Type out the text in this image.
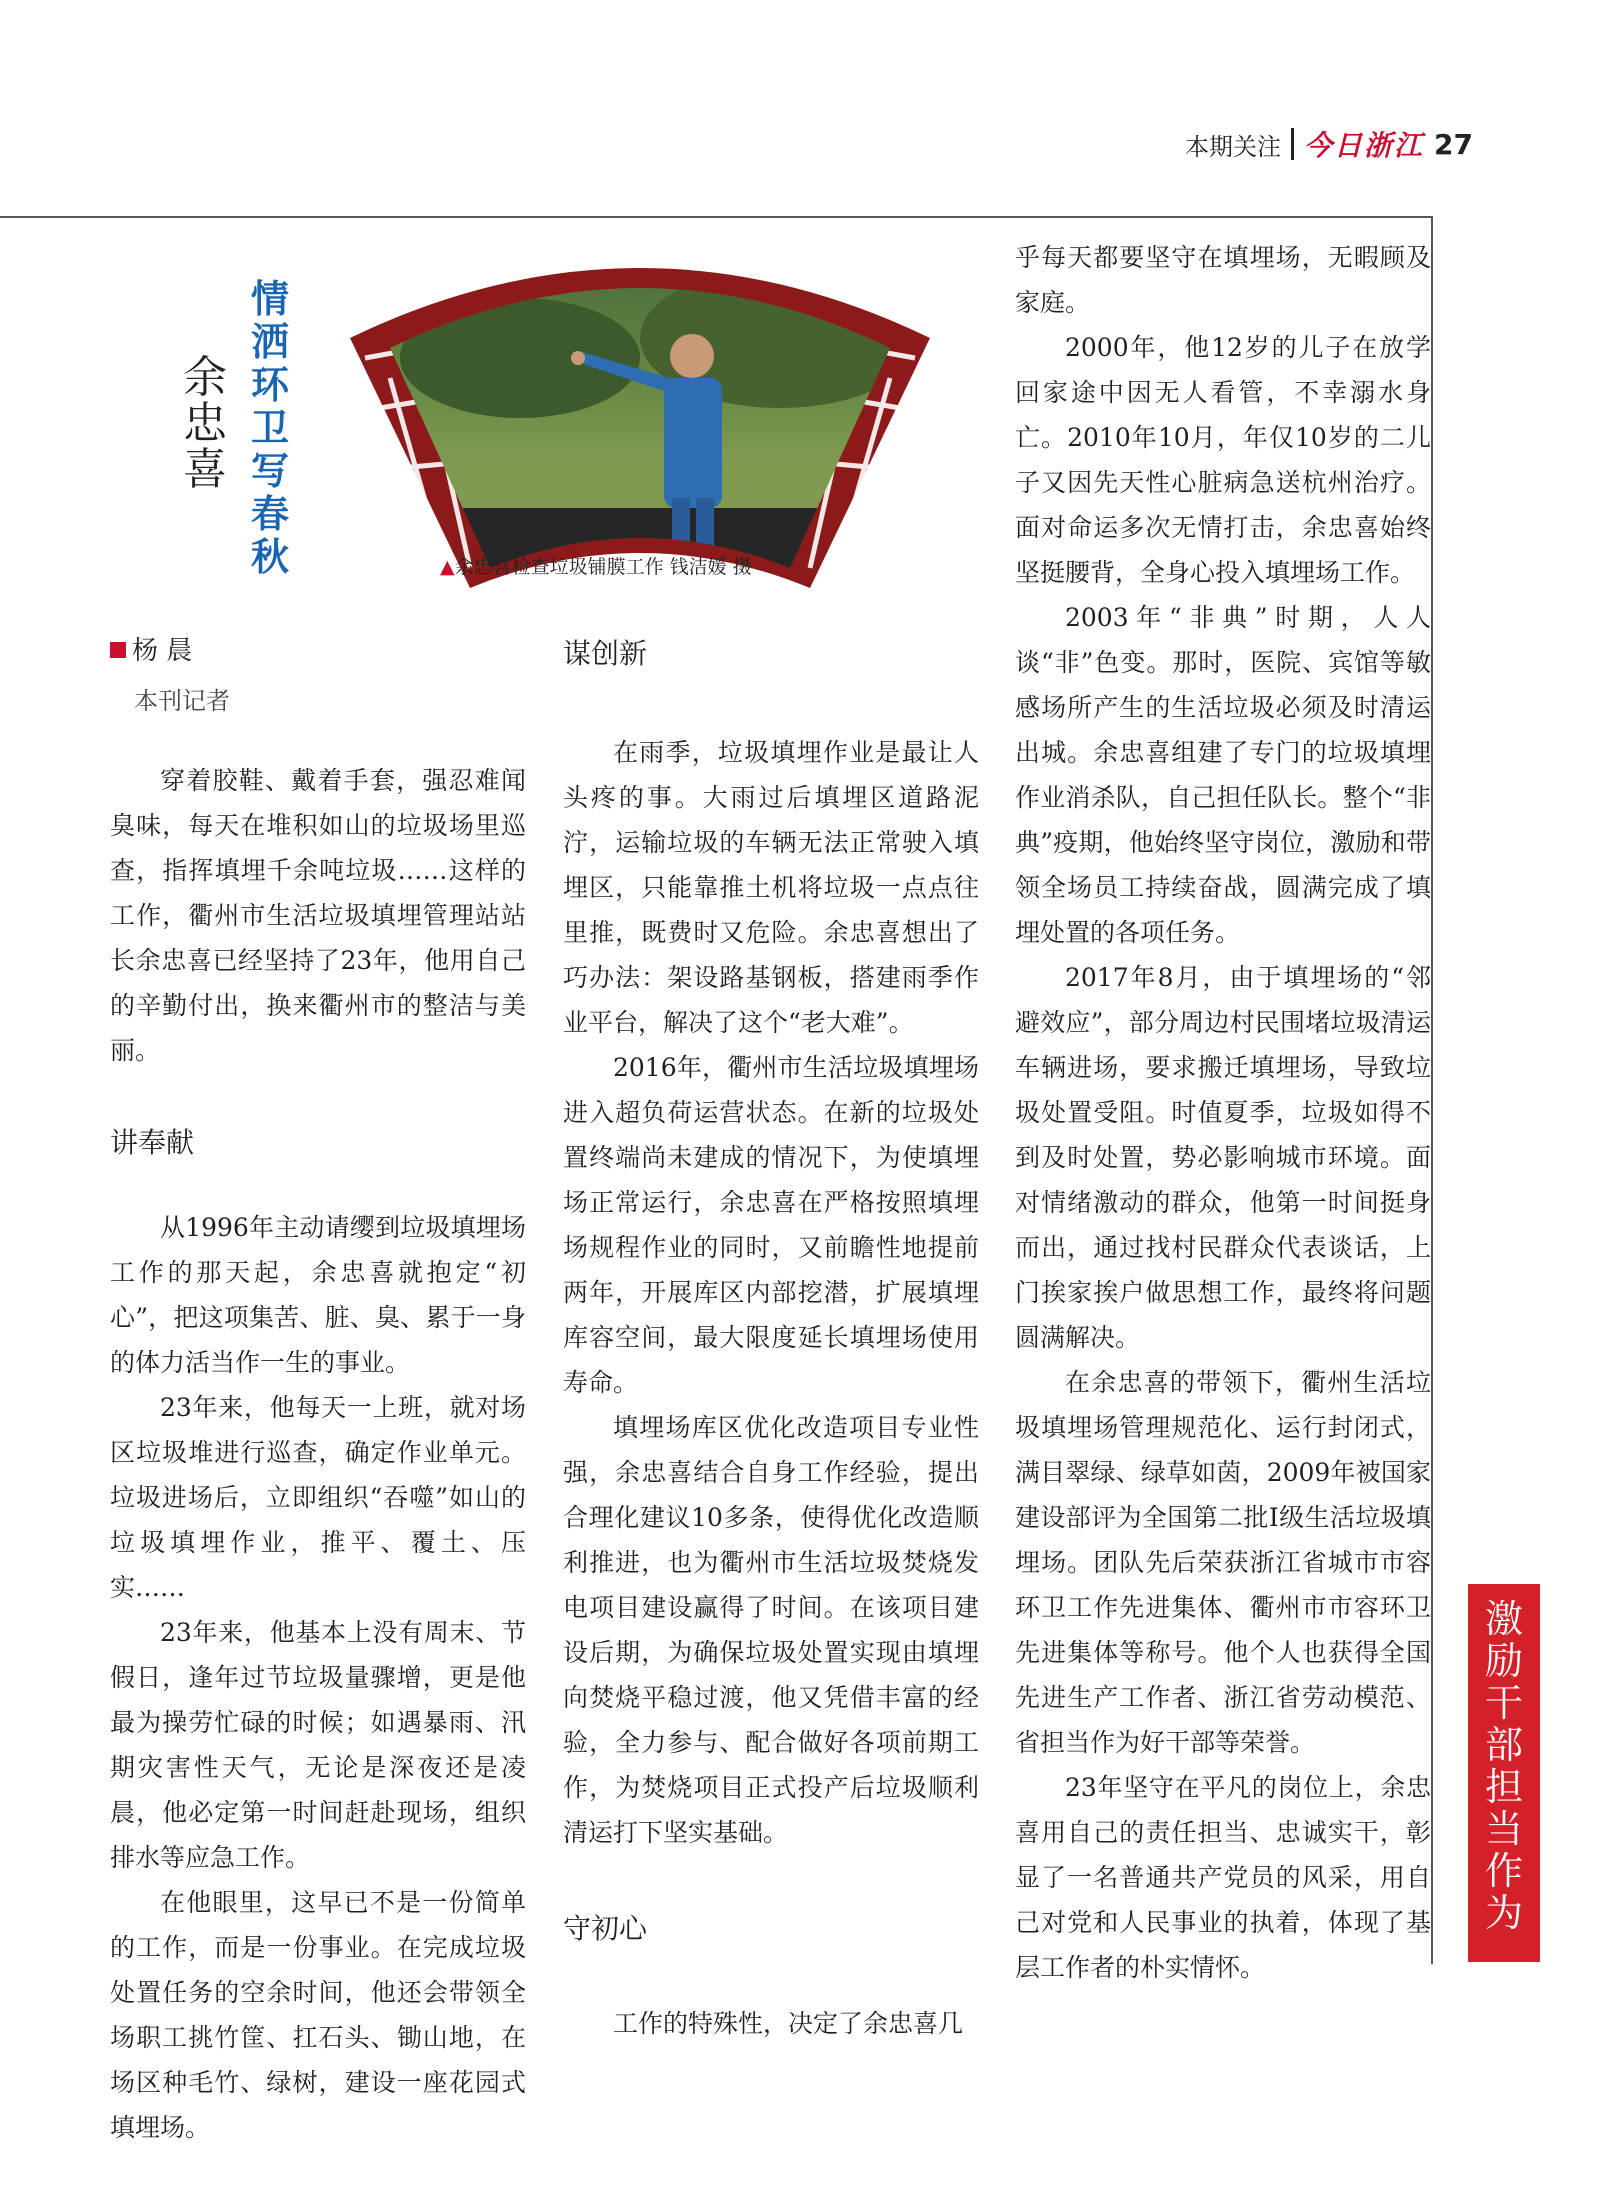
本期关注 今日浙江 27
情洒环卫写春秋
余忠喜
▲余忠喜检查垃圾铺膜工作 钱洁媛 摄
杨 晨
本刊记者

穿着胶鞋、戴着手套，强忍难闻臭味，每天在堆积如山的垃圾场里巡查，指挥填埋千余吨垃圾……这样的工作，衢州市生活垃圾填埋管理站站长余忠喜已经坚持了23年，他用自己的辛勤付出，换来衢州市的整洁与美丽。

讲奉献

从1996年主动请缨到垃圾填埋场工作的那天起，余忠喜就抱定“初心”，把这项集苦、脏、臭、累于一身的体力活当作一生的事业。

23年来，他每天一上班，就对场区垃圾堆进行巡查，确定作业单元。垃圾进场后，立即组织“吞噬”如山的垃圾填埋作业，推平、覆土、压实……

23年来，他基本上没有周末、节假日，逢年过节垃圾量骤增，更是他最为操劳忙碌的时候；如遇暴雨、汛期灾害性天气，无论是深夜还是凌晨，他必定第一时间赶赴现场，组织排水等应急工作。

在他眼里，这早已不是一份简单的工作，而是一份事业。在完成垃圾处置任务的空余时间，他还会带领全场职工挑竹筐、扛石头、锄山地，在场区种毛竹、绿树，建设一座花园式填埋场。

谋创新

在雨季，垃圾填埋作业是最让人头疼的事。大雨过后填埋区道路泥泞，运输垃圾的车辆无法正常驶入填埋区，只能靠推土机将垃圾一点点往里推，既费时又危险。余忠喜想出了巧办法：架设路基钢板，搭建雨季作业平台，解决了这个“老大难”。

2016年，衢州市生活垃圾填埋场进入超负荷运营状态。在新的垃圾处置终端尚未建成的情况下，为使填埋场正常运行，余忠喜在严格按照填埋场规程作业的同时，又前瞻性地提前两年，开展库区内部挖潜，扩展填埋库容空间，最大限度延长填埋场使用寿命。

填埋场库区优化改造项目专业性强，余忠喜结合自身工作经验，提出合理化建议10多条，使得优化改造顺利推进，也为衢州市生活垃圾焚烧发电项目建设赢得了时间。在该项目建设后期，为确保垃圾处置实现由填埋向焚烧平稳过渡，他又凭借丰富的经验，全力参与、配合做好各项前期工作，为焚烧项目正式投产后垃圾顺利清运打下坚实基础。

守初心

工作的特殊性，决定了余忠喜几

乎每天都要坚守在填埋场，无暇顾及家庭。

2000年，他12岁的儿子在放学回家途中因无人看管，不幸溺水身亡。2010年10月，年仅10岁的二儿子又因先天性心脏病急送杭州治疗。面对命运多次无情打击，余忠喜始终坚挺腰背，全身心投入填埋场工作。

2003年“非典”时期，人人谈“非”色变。那时，医院、宾馆等敏感场所产生的生活垃圾必须及时清运出城。余忠喜组建了专门的垃圾填埋作业消杀队，自己担任队长。整个“非典”疫期，他始终坚守岗位，激励和带领全场员工持续奋战，圆满完成了填埋处置的各项任务。

2017年8月，由于填埋场的“邻避效应”，部分周边村民围堵垃圾清运车辆进场，要求搬迁填埋场，导致垃圾处置受阻。时值夏季，垃圾如得不到及时处置，势必影响城市环境。面对情绪激动的群众，他第一时间挺身而出，通过找村民群众代表谈话，上门挨家挨户做思想工作，最终将问题圆满解决。

在余忠喜的带领下，衢州生活垃圾填埋场管理规范化、运行封闭式，满目翠绿、绿草如茵，2009年被国家建设部评为全国第二批Ⅰ级生活垃圾填埋场。团队先后荣获浙江省城市市容环卫工作先进集体、衢州市市容环卫先进集体等称号。他个人也获得全国先进生产工作者、浙江省劳动模范、省担当作为好干部等荣誉。

23年坚守在平凡的岗位上，余忠喜用自己的责任担当、忠诚实干，彰显了一名普通共产党员的风采，用自己对党和人民事业的执着，体现了基层工作者的朴实情怀。

激励干部担当作为
